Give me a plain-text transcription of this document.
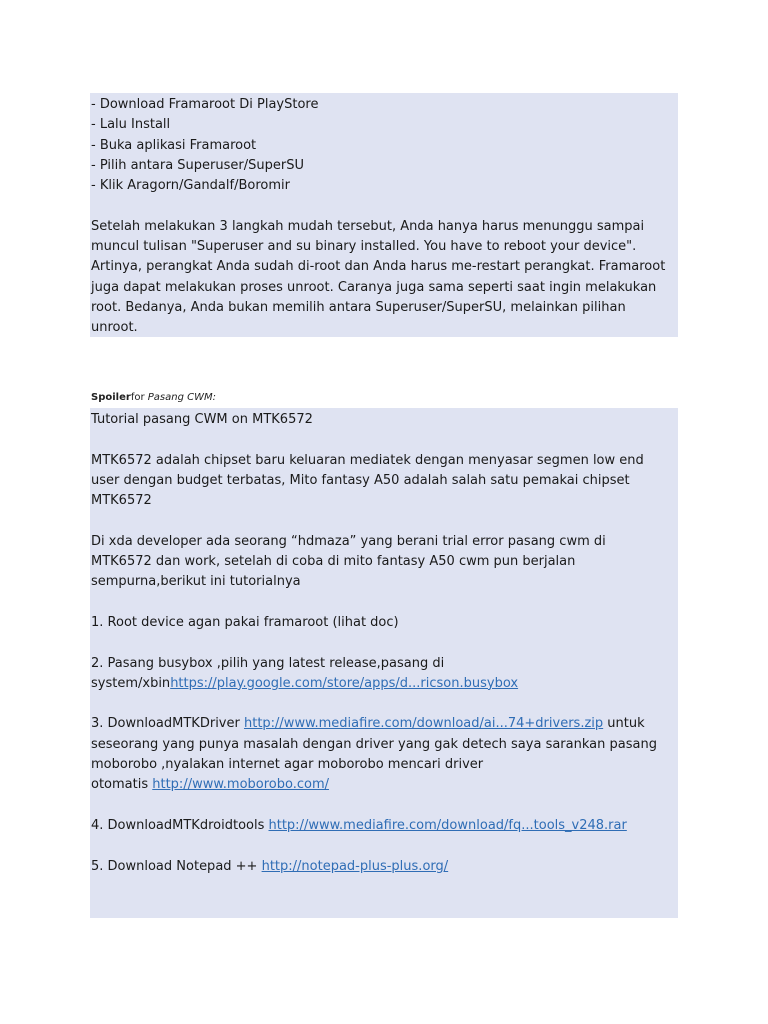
- Download Framaroot Di PlayStore
- Lalu Install
- Buka aplikasi Framaroot
- Pilih antara Superuser/SuperSU
- Klik Aragorn/Gandalf/Boromir
Setelah melakukan 3 langkah mudah tersebut, Anda hanya harus menunggu sampai
muncul tulisan "Superuser and su binary installed. You have to reboot your device".
Artinya, perangkat Anda sudah di-root dan Anda harus me-restart perangkat. Framaroot
juga dapat melakukan proses unroot. Caranya juga sama seperti saat ingin melakukan
root. Bedanya, Anda bukan memilih antara Superuser/SuperSU, melainkan pilihan
unroot.
Spoilerfor Pasang CWM:
Tutorial pasang CWM on MTK6572
MTK6572 adalah chipset baru keluaran mediatek dengan menyasar segmen low end
user dengan budget terbatas, Mito fantasy A50 adalah salah satu pemakai chipset
MTK6572
Di xda developer ada seorang “hdmaza” yang berani trial error pasang cwm di
MTK6572 dan work, setelah di coba di mito fantasy A50 cwm pun berjalan
sempurna,berikut ini tutorialnya
1. Root device agan pakai framaroot (lihat doc)
2. Pasang busybox ,pilih yang latest release,pasang di
system/xbinhttps://play.google.com/store/apps/d...ricson.busybox
3. DownloadMTKDriver http://www.mediafire.com/download/ai...74+drivers.zip untuk
seseorang yang punya masalah dengan driver yang gak detech saya sarankan pasang
moborobo ,nyalakan internet agar moborobo mencari driver
otomatis http://www.moborobo.com/
4. DownloadMTKdroidtools http://www.mediafire.com/download/fq...tools_v248.rar
5. Download Notepad ++ http://notepad-plus-plus.org/
